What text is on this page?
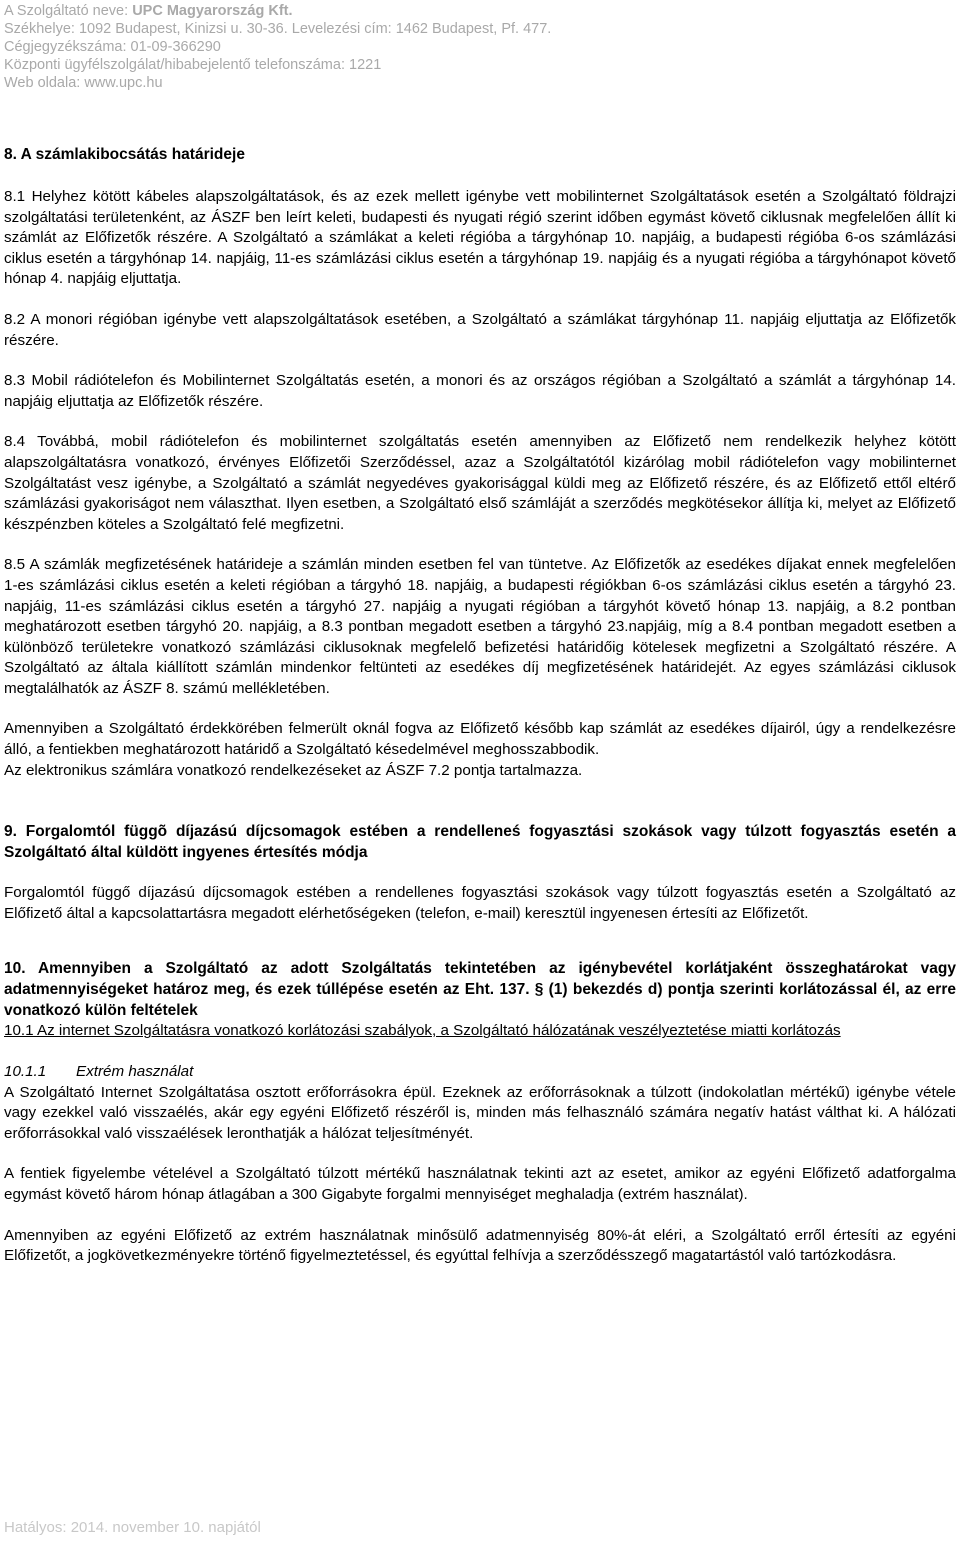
A Szolgáltató neve: UPC Magyarország Kft.
Székhelye: 1092 Budapest, Kinizsi u. 30-36. Levelezési cím: 1462 Budapest, Pf. 477.
Cégjegyzékszáma: 01-09-366290
Központi ügyfélszolgálat/hibabejelentő telefonszáma: 1221
Web oldala: www.upc.hu
8. A számlakibocsátás határideje

8.1 Helyhez kötött kábeles alapszolgáltatások, és az ezek mellett igénybe vett mobilinternet Szolgáltatások esetén a Szolgáltató földrajzi szolgáltatási területenként, az ÁSZF ben leírt keleti, budapesti és nyugati régió szerint időben egymást követő ciklusnak megfelelően állít ki számlát az Előfizetők részére. A Szolgáltató a számlákat a keleti régióba a tárgyhónap 10. napjáig, a budapesti régióba 6-os számlázási ciklus esetén a tárgyhónap 14. napjáig, 11-es számlázási ciklus esetén a tárgyhónap 19. napjáig és a nyugati régióba a tárgyhónapot követő hónap 4. napjáig eljuttatja.

8.2 A monori régióban igénybe vett alapszolgáltatások esetében, a Szolgáltató a számlákat tárgyhónap 11. napjáig eljuttatja az Előfizetők részére.

8.3 Mobil rádiótelefon és Mobilinternet Szolgáltatás esetén, a monori és az országos régióban a Szolgáltató a számlát a tárgyhónap 14. napjáig eljuttatja az Előfizetők részére.

8.4 Továbbá, mobil rádiótelefon és mobilinternet szolgáltatás esetén amennyiben az Előfizető nem rendelkezik helyhez kötött alapszolgáltatásra vonatkozó, érvényes Előfizetői Szerződéssel, azaz a Szolgáltatótól kizárólag mobil rádiótelefon vagy mobilinternet Szolgáltatást vesz igénybe, a Szolgáltató a számlát negyedéves gyakorisággal küldi meg az Előfizető részére, és az Előfizető ettől eltérő számlázási gyakoriságot nem választhat. Ilyen esetben, a Szolgáltató első számláját a szerződés megkötésekor állítja ki, melyet az Előfizető készpénzben köteles a Szolgáltató felé megfizetni.

8.5 A számlák megfizetésének határideje a számlán minden esetben fel van tüntetve. Az Előfizetők az esedékes díjakat ennek megfelelően 1-es számlázási ciklus esetén a keleti régióban a tárgyhó 18. napjáig, a budapesti régiókban 6-os számlázási ciklus esetén a tárgyhó 23. napjáig, 11-es számlázási ciklus esetén a tárgyhó 27. napjáig a nyugati régióban a tárgyhót követő hónap 13. napjáig, a 8.2 pontban meghatározott esetben tárgyhó 20. napjáig, a 8.3 pontban megadott esetben a tárgyhó 23.napjáig, míg a 8.4 pontban megadott esetben a különböző területekre vonatkozó számlázási ciklusoknak megfelelő befizetési határidőig kötelesek megfizetni a Szolgáltató részére. A Szolgáltató az általa kiállított számlán mindenkor feltünteti az esedékes díj megfizetésének határidejét. Az egyes számlázási ciklusok megtalálhatók az ÁSZF 8. számú mellékletében.

Amennyiben a Szolgáltató érdekkörében felmerült oknál fogva az Előfizető később kap számlát az esedékes díjairól, úgy a rendelkezésre álló, a fentiekben meghatározott határidő a Szolgáltató késedelmével meghosszabbodik.

Az elektronikus számlára vonatkozó rendelkezéseket az ÁSZF 7.2 pontja tartalmazza.

9. Forgalomtól függõ díjazású díjcsomagok estében a rendelleneś fogyasztási szokások vagy túlzott fogyasztás esetén a Szolgáltató által küldött ingyenes értesítés módja

Forgalomtól függő díjazású díjcsomagok estében a rendellenes fogyasztási szokások vagy túlzott fogyasztás esetén a Szolgáltató az Előfizető által a kapcsolattartásra megadott elérhetőségeken (telefon, e-mail) keresztül ingyenesen értesíti az Előfizetőt.

10. Amennyiben a Szolgáltató az adott Szolgáltatás tekintetében az igénybevétel korlátjaként összeghatárokat vagy adatmennyiségeket határoz meg, és ezek túllépése esetén az Eht. 137. § (1) bekezdés d) pontja szerinti korlátozással él, az erre vonatkozó külön feltételek

10.1 Az internet Szolgáltatásra vonatkozó korlátozási szabályok, a Szolgáltató hálózatának veszélyeztetése miatti korlátozás

10.1.1 Extrém használat

A Szolgáltató Internet Szolgáltatása osztott erőforrásokra épül. Ezeknek az erőforrásoknak a túlzott (indokolatlan mértékű) igénybe vétele vagy ezekkel való visszaélés, akár egy egyéni Előfizető részéről is, minden más felhasználó számára negatív hatást válthat ki. A hálózati erőforrásokkal való visszaélések leronthatják a hálózat teljesítményét.

A fentiek figyelembe vételével a Szolgáltató túlzott mértékű használatnak tekinti azt az esetet, amikor az egyéni Előfizető adatforgalma egymást követő három hónap átlagában a 300 Gigabyte forgalmi mennyiséget meghaladja (extrém használat).

Amennyiben az egyéni Előfizető az extrém használatnak minősülő adatmennyiség 80%-át eléri, a Szolgáltató erről értesíti az egyéni Előfizetőt, a jogkövetkezményekre történő figyelmeztetéssel, és egyúttal felhívja a szerződésszegő magatartástól való tartózkodásra.

Hatályos: 2014. november 10. napjától
